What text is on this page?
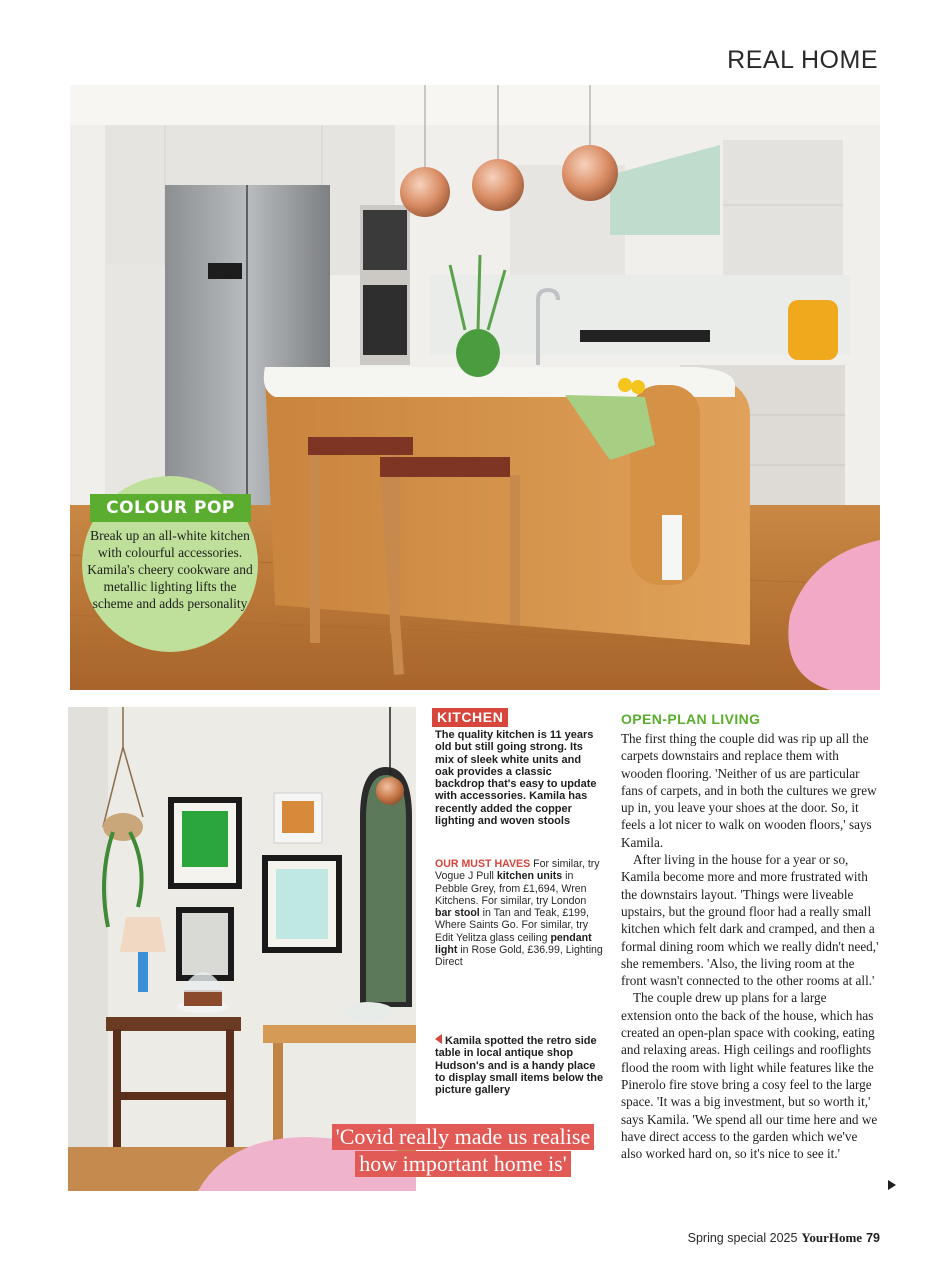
REAL HOME
COLOUR POP
Break up an all-white kitchen with colourful accessories. Kamila's cheery cookware and metallic lighting lifts the scheme and adds personality
'Covid really made us realise
how important home is'
KITCHEN
The quality kitchen is 11 years old but still going strong. Its mix of sleek white units and oak provides a classic backdrop that's easy to update with accessories. Kamila has recently added the copper lighting and woven stools
OUR MUST HAVES For similar, try Vogue J Pull kitchen units in Pebble Grey, from £1,694, Wren Kitchens. For similar, try London bar stool in Tan and Teak, £199, Where Saints Go. For similar, try Edit Yelitza glass ceiling pendant light in Rose Gold, £36.99, Lighting Direct
Kamila spotted the retro side table in local antique shop Hudson's and is a handy place to display small items below the picture gallery
OPEN-PLAN LIVING

The first thing the couple did was rip up all the carpets downstairs and replace them with wooden flooring. 'Neither of us are particular fans of carpets, and in both the cultures we grew up in, you leave your shoes at the door. So, it feels a lot nicer to walk on wooden floors,' says Kamila.

After living in the house for a year or so, Kamila become more and more frustrated with the downstairs layout. 'Things were liveable upstairs, but the ground floor had a really small kitchen which felt dark and cramped, and then a formal dining room which we really didn't need,' she remembers. 'Also, the living room at the front wasn't connected to the other rooms at all.'

The couple drew up plans for a large extension onto the back of the house, which has created an open-plan space with cooking, eating and relaxing areas. High ceilings and rooflights flood the room with light while features like the Pinerolo fire stove bring a cosy feel to the large space. 'It was a big investment, but so worth it,' says Kamila. 'We spend all our time here and we have direct access to the garden which we've also worked hard on, so it's nice to see it.'

Spring special 2025 YourHome 79
